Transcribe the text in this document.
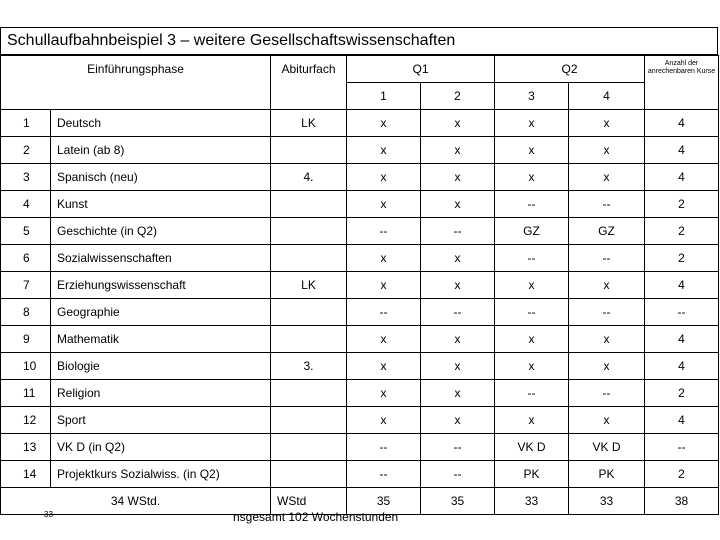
Schullaufbahnbeispiel 3 – weitere Gesellschaftswissenschaften
Einführungsphase		Abiturfach	Q1		Q2		Anzahl der anrechenbaren Kurse
			1	2	3	4	
1	Deutsch	LK	x	x	x	x	4
2	Latein (ab 8)		x	x	x	x	4
3	Spanisch (neu)	4.	x	x	x	x	4
4	Kunst		x	x	--	--	2
5	Geschichte (in Q2)		--	--	GZ	GZ	2
6	Sozialwissenschaften		x	x	--	--	2
7	Erziehungswissenschaft	LK	x	x	x	x	4
8	Geographie		--	--	--	--	--
9	Mathematik		x	x	x	x	4
10	Biologie	3.	x	x	x	x	4
11	Religion		x	x	--	--	2
12	Sport		x	x	x	x	4
13	VK D (in Q2)		--	--	VK D	VK D	--
14	Projektkurs Sozialwiss. (in Q2)		--	--	PK	PK	2
34 WStd.		WStd	35	35	33	33	38
33	nsgesamt 102 Wochenstunden
